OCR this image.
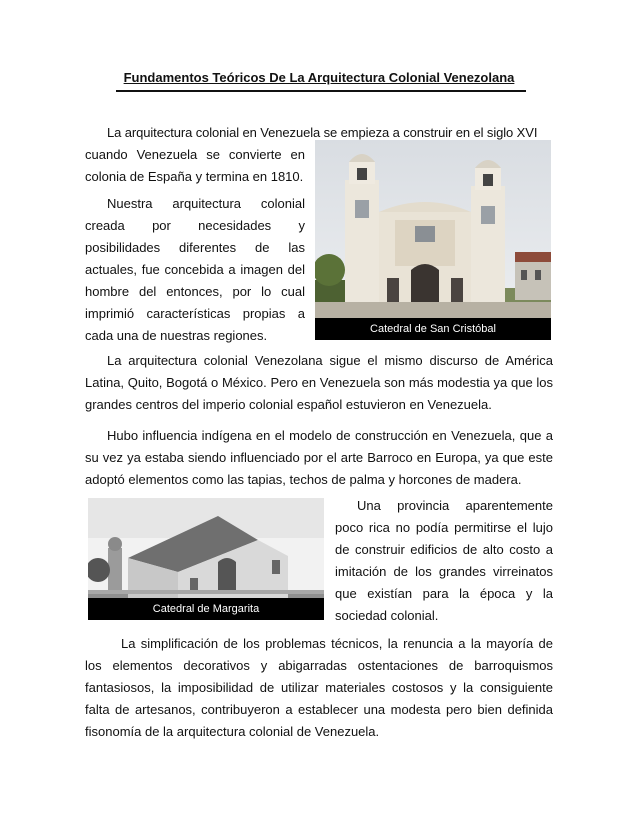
Fundamentos Teóricos De La Arquitectura Colonial Venezolana

La arquitectura colonial en Venezuela se empieza a construir en el siglo XVI

cuando Venezuela se convierte en colonia de España y termina en 1810.

Nuestra arquitectura colonial creada por necesidades y posibilidades diferentes de las actuales, fue concebida a imagen del hombre del entonces, por lo cual imprimió características propias a cada una de nuestras regiones.	Catedral de San Cristóbal

La arquitectura colonial Venezolana sigue el mismo discurso de América Latina, Quito, Bogotá o México. Pero en Venezuela son más modestia ya que los grandes centros del imperio colonial español estuvieron en Venezuela.

Hubo influencia indígena en el modelo de construcción en Venezuela, que a su vez ya estaba siendo influenciado por el arte Barroco en Europa, ya que este adoptó elementos como las tapias, techos de palma y horcones de madera.

Catedral de Margarita

Una provincia aparentemente poco rica no podía permitirse el lujo de construir edificios de alto costo a imitación de los grandes virreinatos que existían para la época y la sociedad colonial.

La simplificación de los problemas técnicos, la renuncia a la mayoría de los elementos decorativos y abigarradas ostentaciones de barroquismos fantasiosos, la imposibilidad de utilizar materiales costosos y la consiguiente falta de artesanos, contribuyeron a establecer una modesta pero bien definida fisonomía de la arquitectura colonial de Venezuela.
